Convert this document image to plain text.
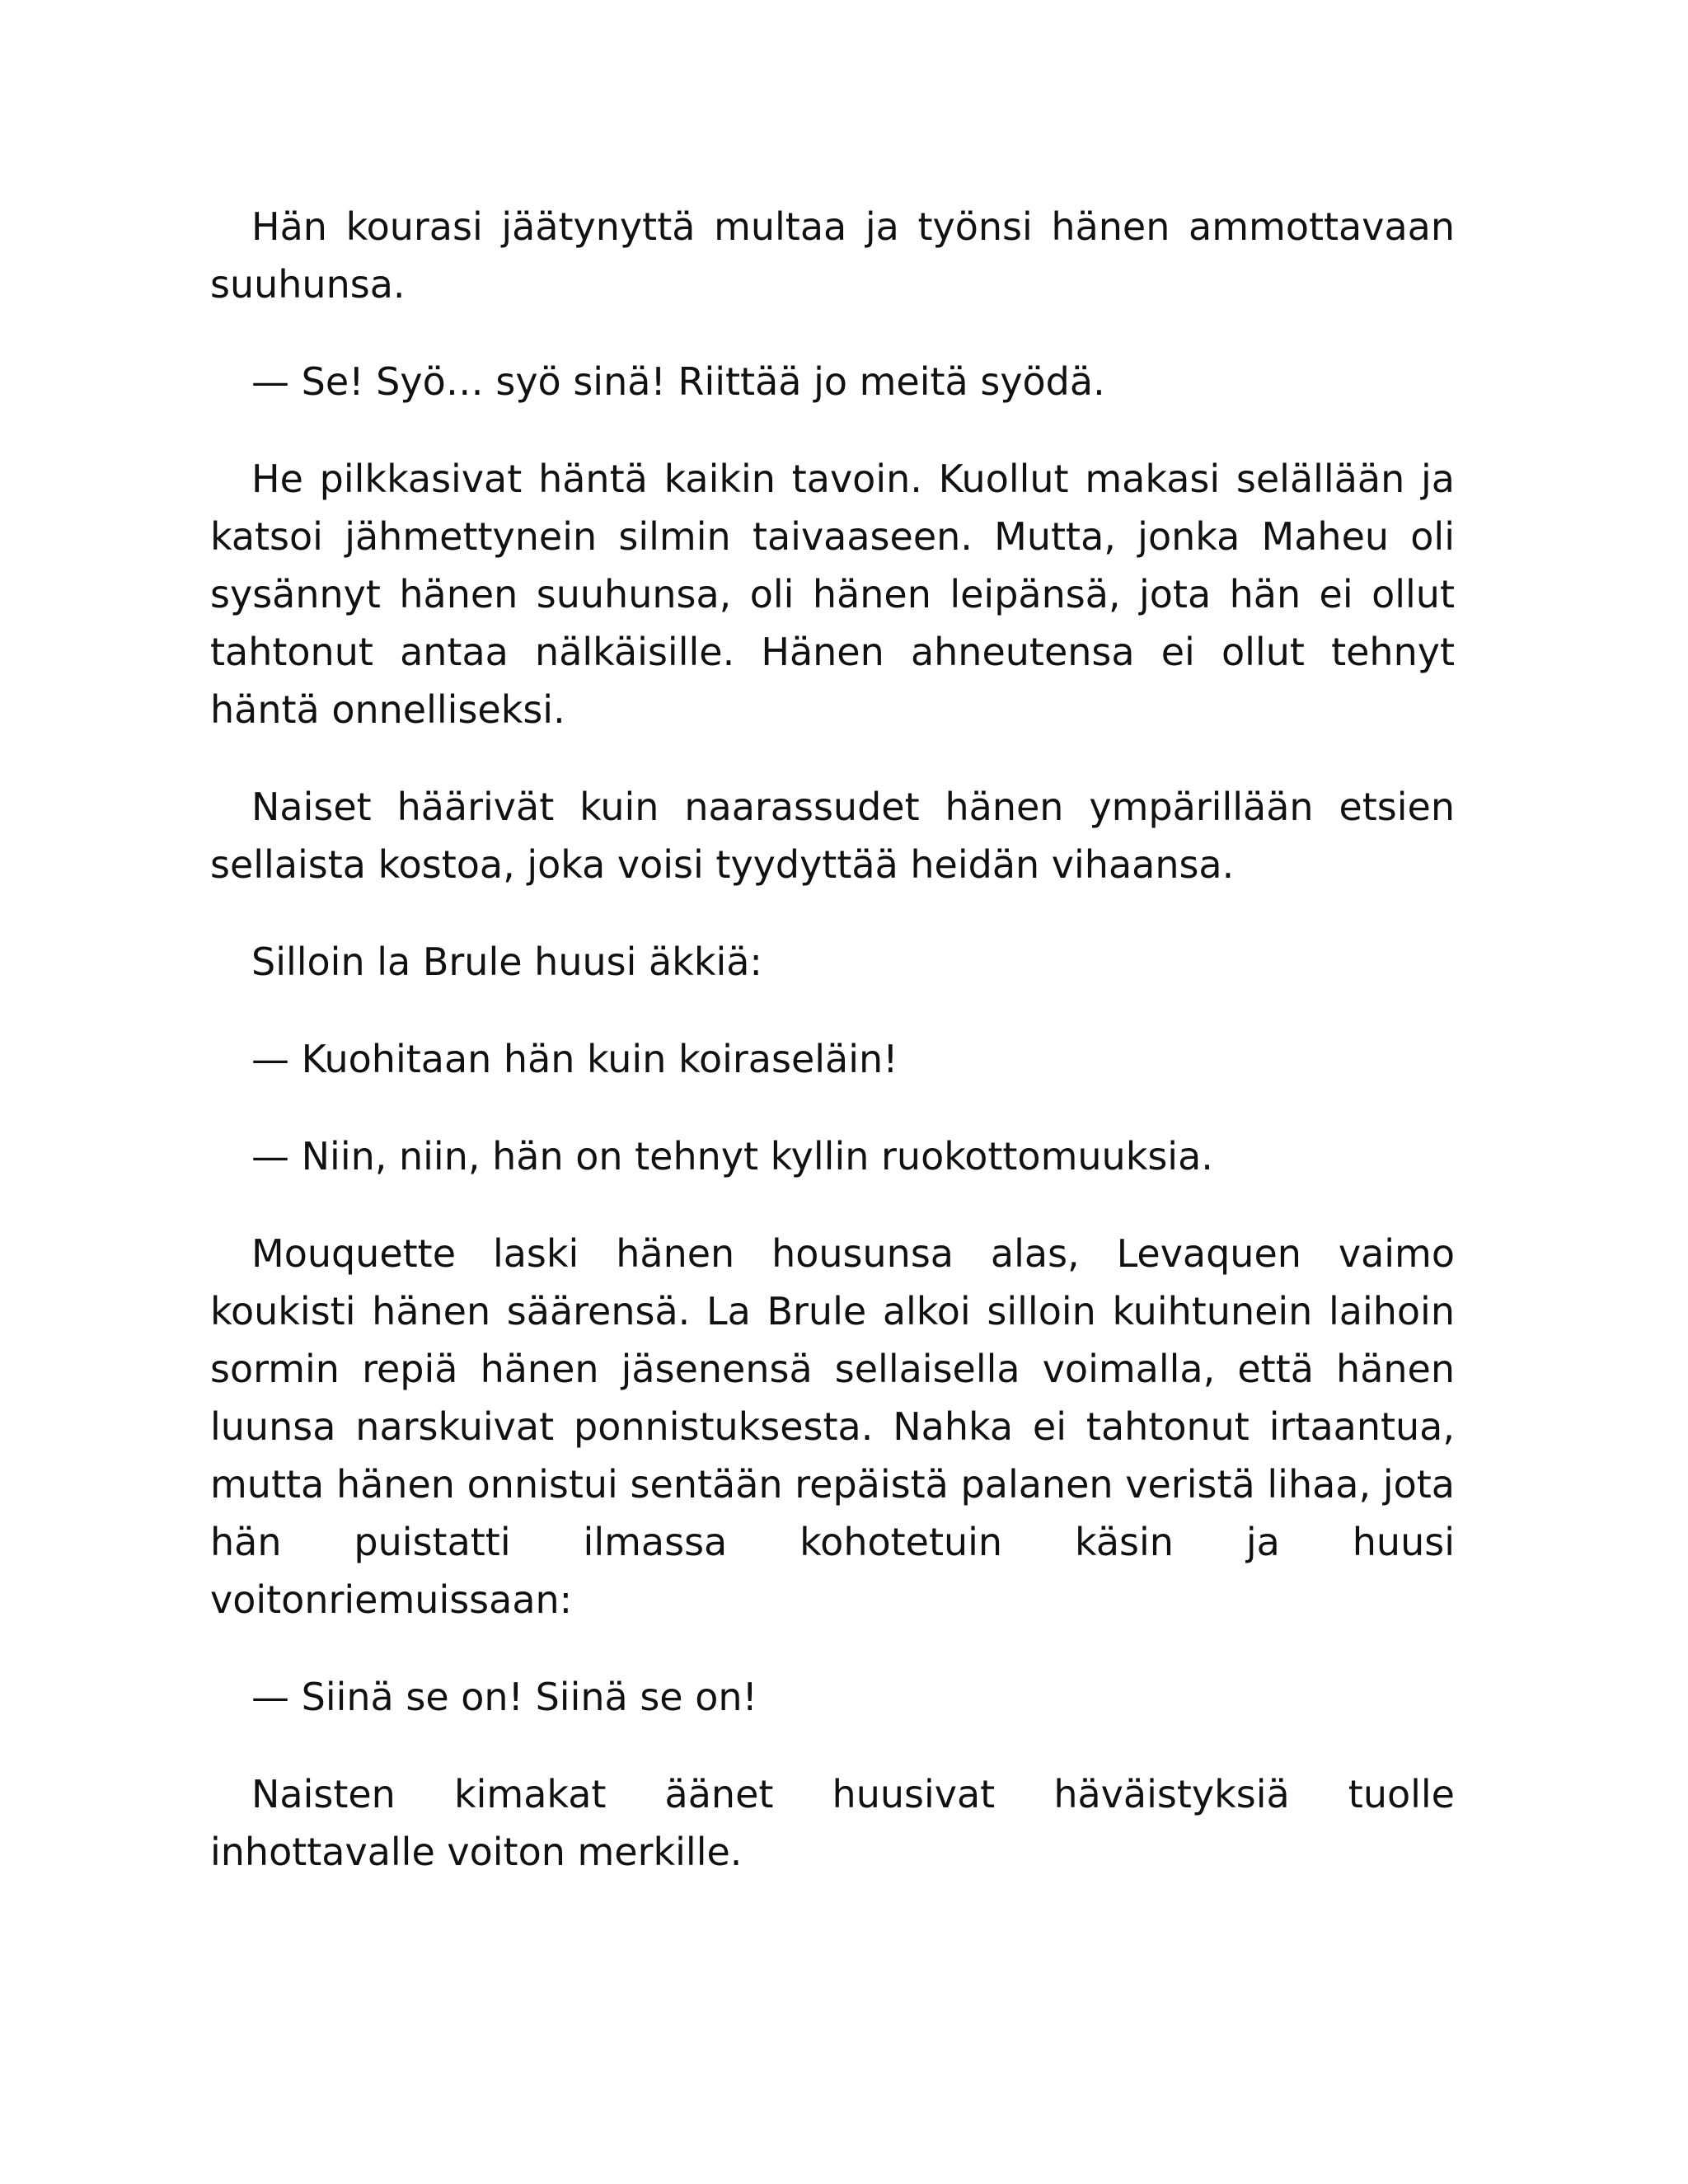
Hän kourasi jäätynyttä multaa ja työnsi hänen ammottavaan suuhunsa.

— Se! Syö… syö sinä! Riittää jo meitä syödä.

He pilkkasivat häntä kaikin tavoin. Kuollut makasi selällään ja katsoi jähmettynein silmin taivaaseen. Mutta, jonka Maheu oli sysännyt hänen suuhunsa, oli hänen leipänsä, jota hän ei ollut tahtonut antaa nälkäisille. Hänen ahneutensa ei ollut tehnyt häntä onnelliseksi.

Naiset häärivät kuin naarassudet hänen ympärillään etsien sellaista kostoa, joka voisi tyydyttää heidän vihaansa.

Silloin la Brule huusi äkkiä:

— Kuohitaan hän kuin koiraseläin!

— Niin, niin, hän on tehnyt kyllin ruokottomuuksia.

Mouquette laski hänen housunsa alas, Levaquen vaimo koukisti hänen säärensä. La Brule alkoi silloin kuihtunein laihoin sormin repiä hänen jäsenensä sellaisella voimalla, että hänen luunsa narskuivat ponnistuksesta. Nahka ei tahtonut irtaantua, mutta hänen onnistui sentään repäistä palanen veristä lihaa, jota hän puistatti ilmassa kohotetuin käsin ja huusi voitonriemuissaan:

— Siinä se on! Siinä se on!

Naisten kimakat äänet huusivat häväistyksiä tuolle inhottavalle voiton merkille.
